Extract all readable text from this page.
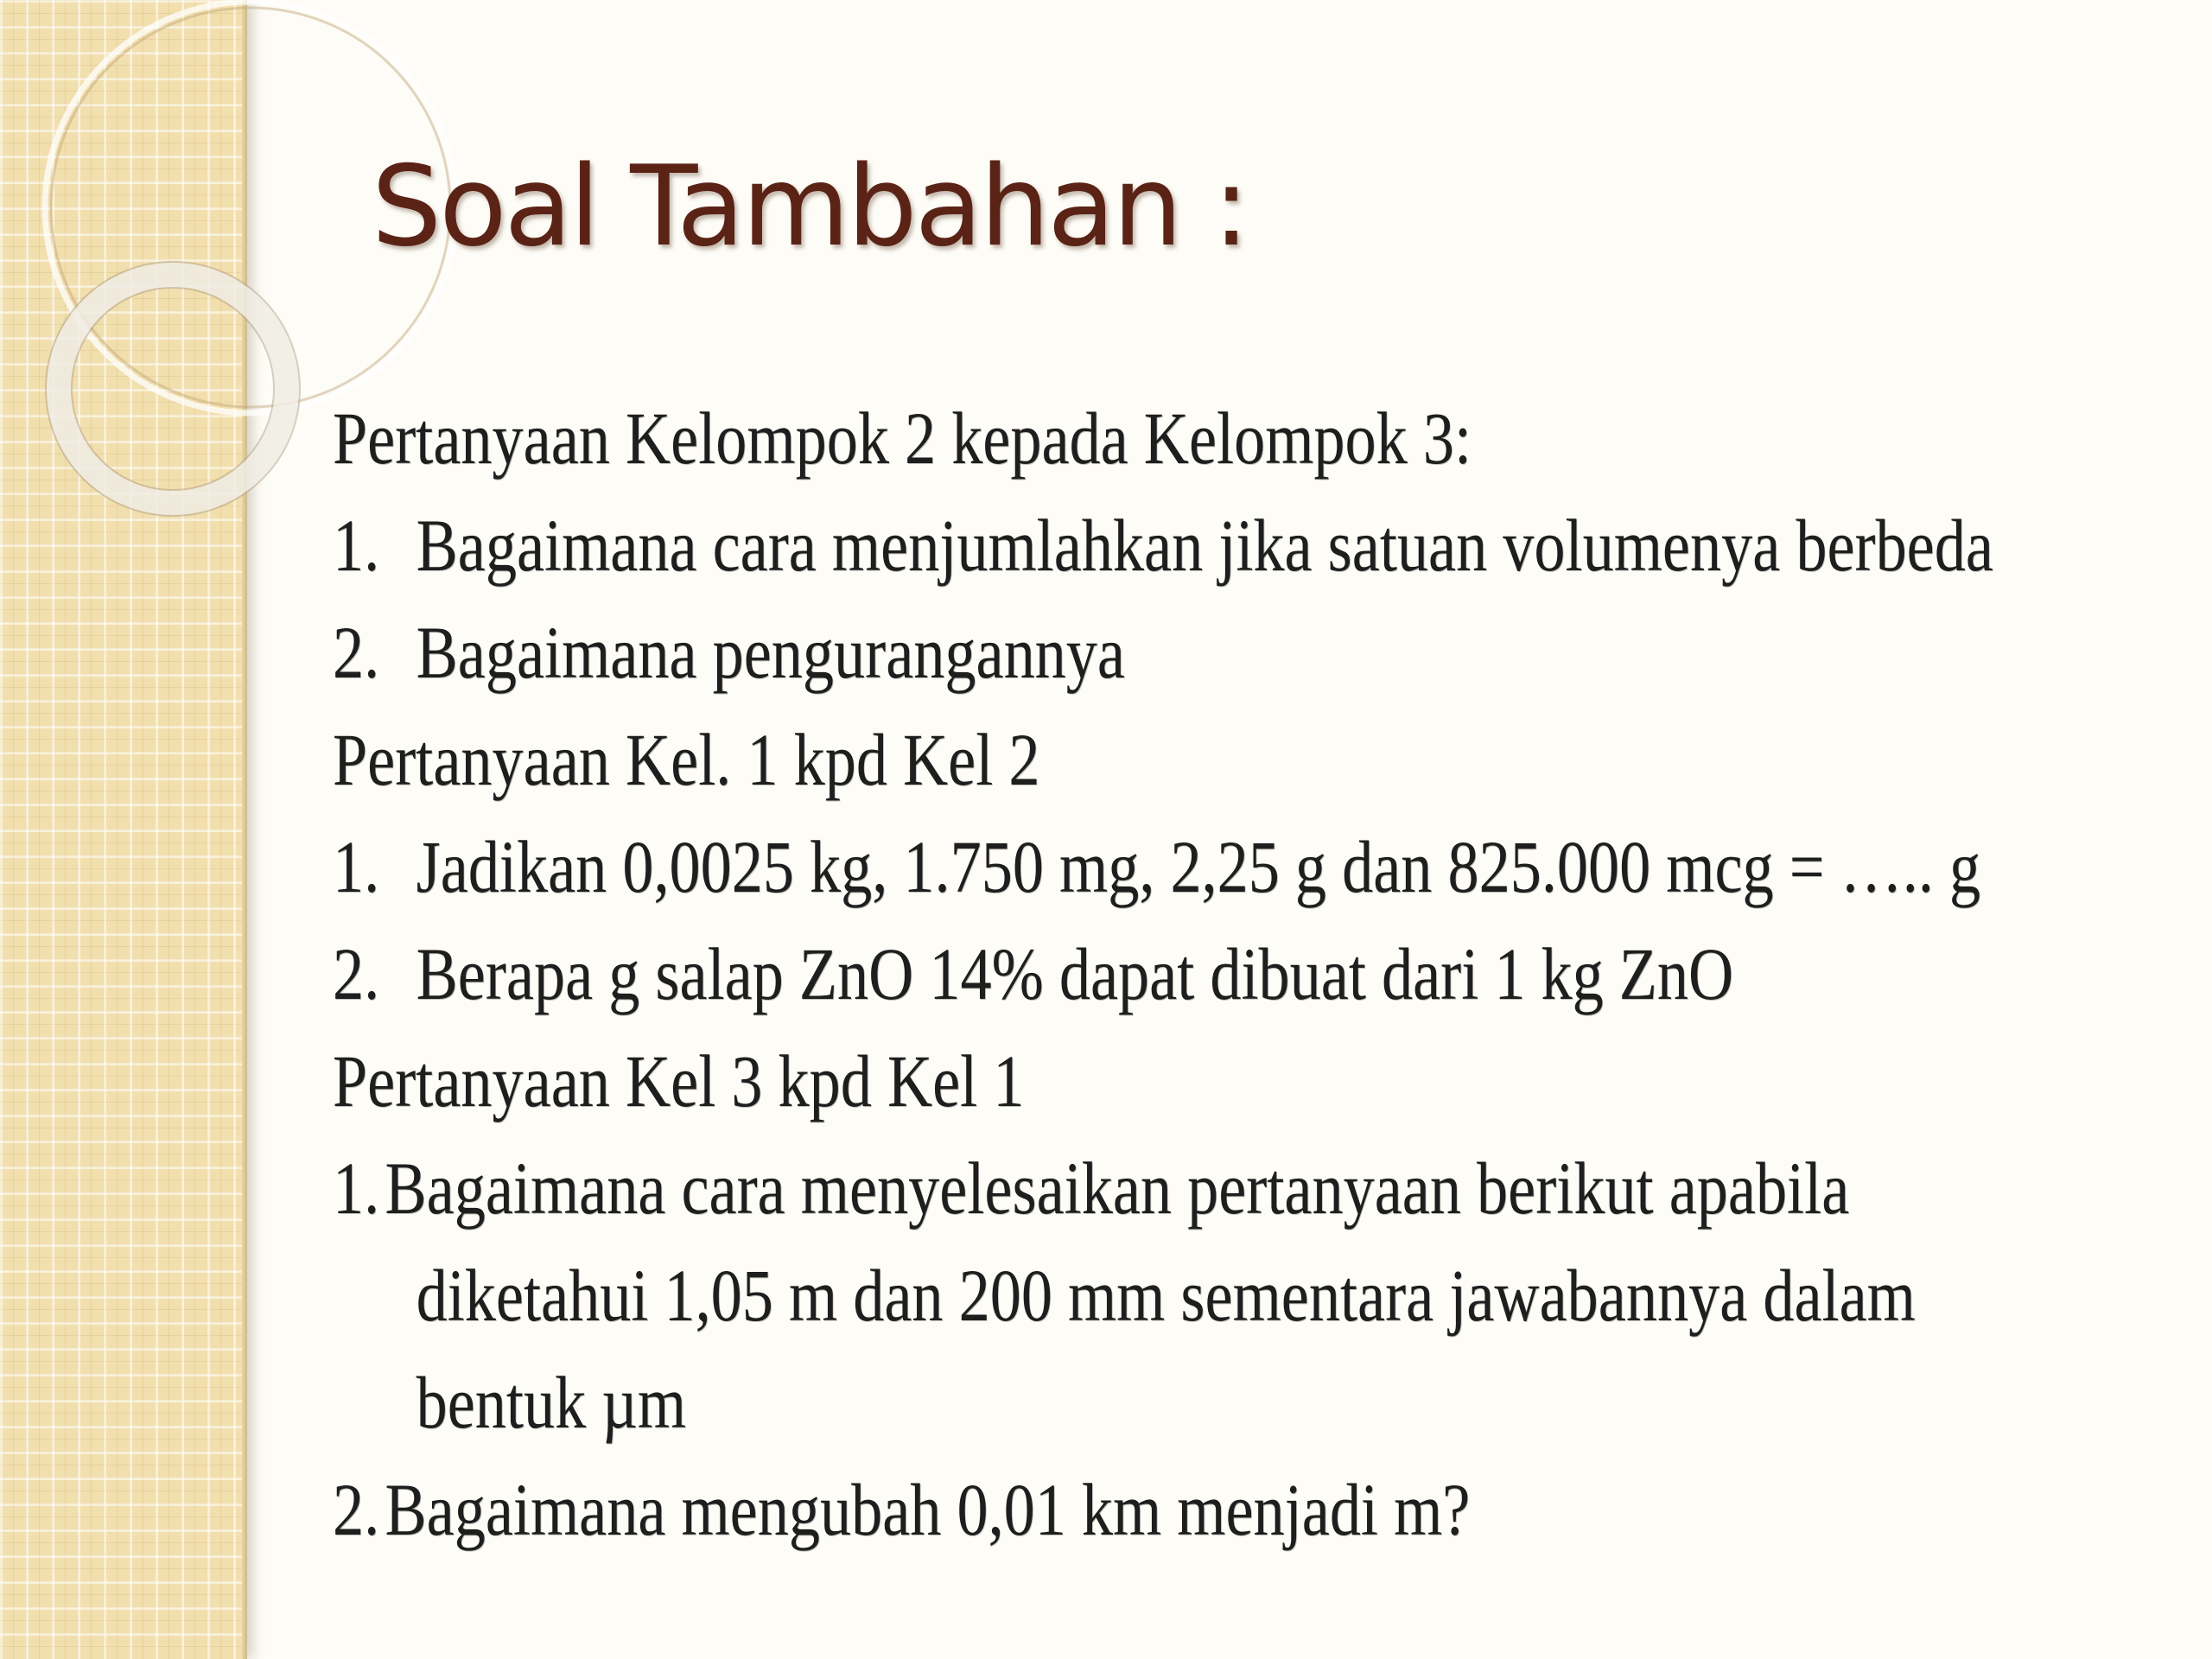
Soal Tambahan :

Pertanyaan Kelompok 2 kepada Kelompok 3:

1. Bagaimana cara menjumlahkan jika satuan volumenya berbeda
2. Bagaimana pengurangannya

Pertanyaan Kel. 1 kpd Kel 2

1. Jadikan 0,0025 kg, 1.750 mg, 2,25 g dan 825.000 mcg = ….. g
2. Berapa g salap ZnO 14% dapat dibuat dari 1 kg ZnO

Pertanyaan Kel 3 kpd Kel 1

1. Bagaimana cara menyelesaikan pertanyaan berikut apabila
diketahui 1,05 m dan 200 mm sementara jawabannya dalam
bentuk µm
2. Bagaimana mengubah 0,01 km menjadi m?
